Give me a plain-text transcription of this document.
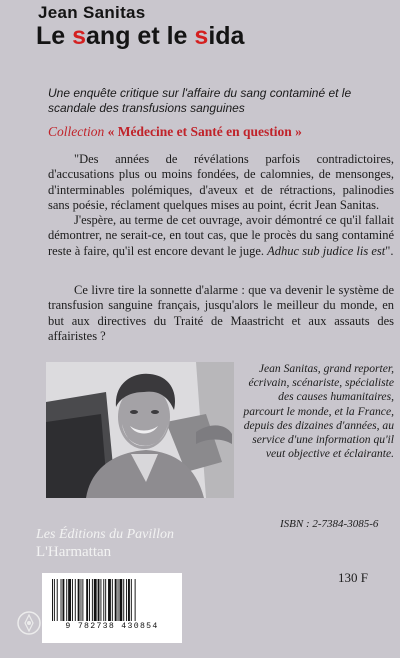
Jean Sanitas
Le sang et le sida
Une enquête critique sur l'affaire du sang contaminé et le scandale des transfusions sanguines
Collection « Médecine et Santé en question »

"Des années de révélations parfois contradictoires, d'accusations plus ou moins fondées, de calomnies, de mensonges, d'interminables polémiques, d'aveux et de rétractions, palinodies sans poésie, réclament quelques mises au point, écrit Jean Sanitas.

J'espère, au terme de cet ouvrage, avoir démontré ce qu'il fallait démontrer, ne serait-ce, en tout cas, que le procès du sang contaminé reste à faire, qu'il est encore devant le juge. Adhuc sub judice lis est".

Ce livre tire la sonnette d'alarme : que va devenir le système de transfusion sanguine français, jusqu'alors le meilleur du monde, en but aux directives du Traité de Maastricht et aux assauts des affairistes ?

Jean Sanitas, grand reporter, écrivain, scénariste, spécialiste des causes humanitaires, parcourt le monde, et la France, depuis des dizaines d'années, au service d'une information qu'il veut objective et éclairante.
ISBN : 2-7384-3085-6
Les Éditions du Pavillon
L'Harmattan
130 F
9 782738 430854
